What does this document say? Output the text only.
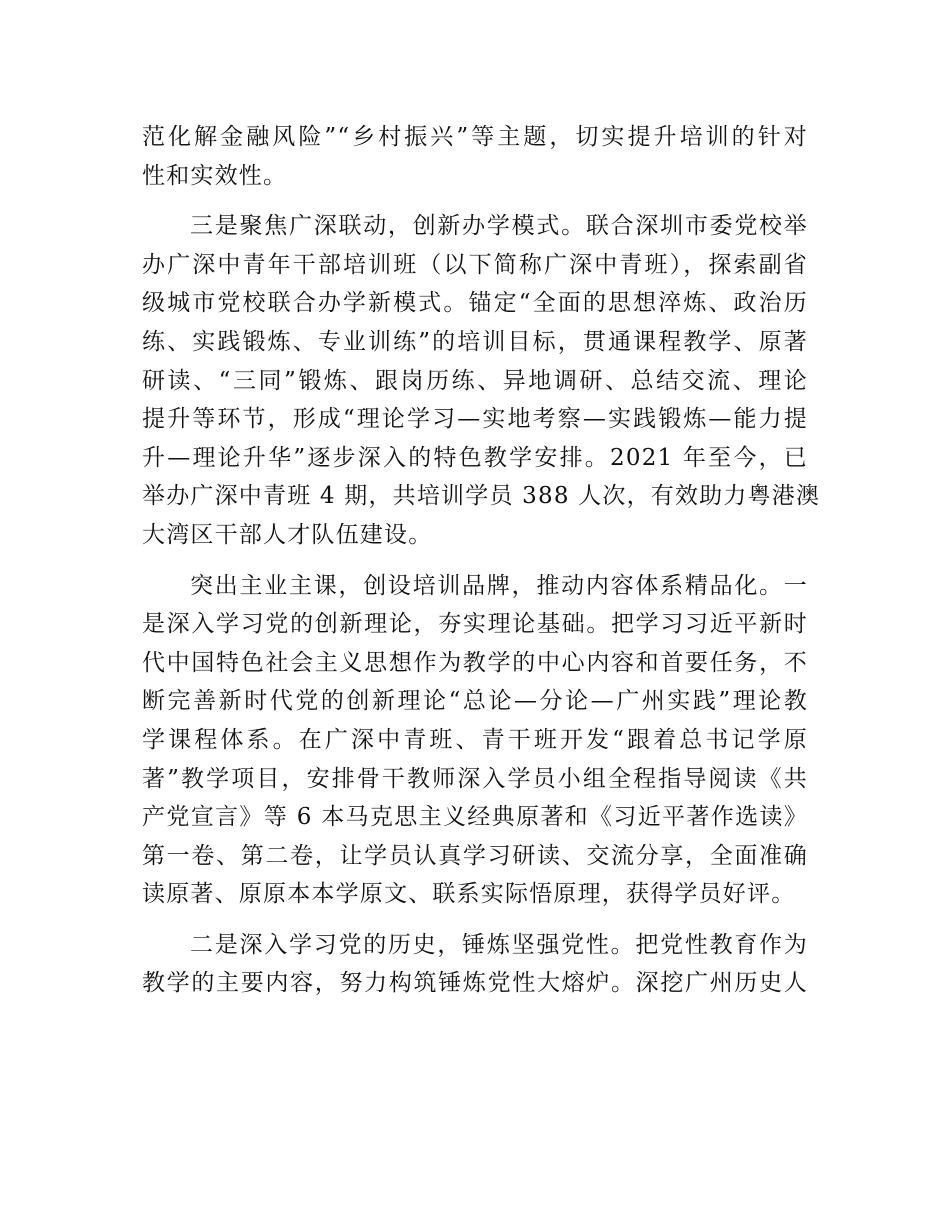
范化解金融风险”“乡村振兴”等主题，切实提升培训的针对
性和实效性。
三是聚焦广深联动，创新办学模式。联合深圳市委党校举
办广深中青年干部培训班（以下简称广深中青班），探索副省
级城市党校联合办学新模式。锚定“全面的思想淬炼、政治历
练、实践锻炼、专业训练”的培训目标，贯通课程教学、原著
研读、“三同”锻炼、跟岗历练、异地调研、总结交流、理论
提升等环节，形成“理论学习—实地考察—实践锻炼—能力提
升—理论升华”逐步深入的特色教学安排。2021 年至今，已
举办广深中青班 4 期，共培训学员 388 人次，有效助力粤港澳
大湾区干部人才队伍建设。
突出主业主课，创设培训品牌，推动内容体系精品化。一
是深入学习党的创新理论，夯实理论基础。把学习习近平新时
代中国特色社会主义思想作为教学的中心内容和首要任务，不
断完善新时代党的创新理论“总论—分论—广州实践”理论教
学课程体系。在广深中青班、青干班开发“跟着总书记学原
著”教学项目，安排骨干教师深入学员小组全程指导阅读《共
产党宣言》等 6 本马克思主义经典原著和《习近平著作选读》
第一卷、第二卷，让学员认真学习研读、交流分享，全面准确
读原著、原原本本学原文、联系实际悟原理，获得学员好评。
二是深入学习党的历史，锤炼坚强党性。把党性教育作为
教学的主要内容，努力构筑锤炼党性大熔炉。深挖广州历史人
